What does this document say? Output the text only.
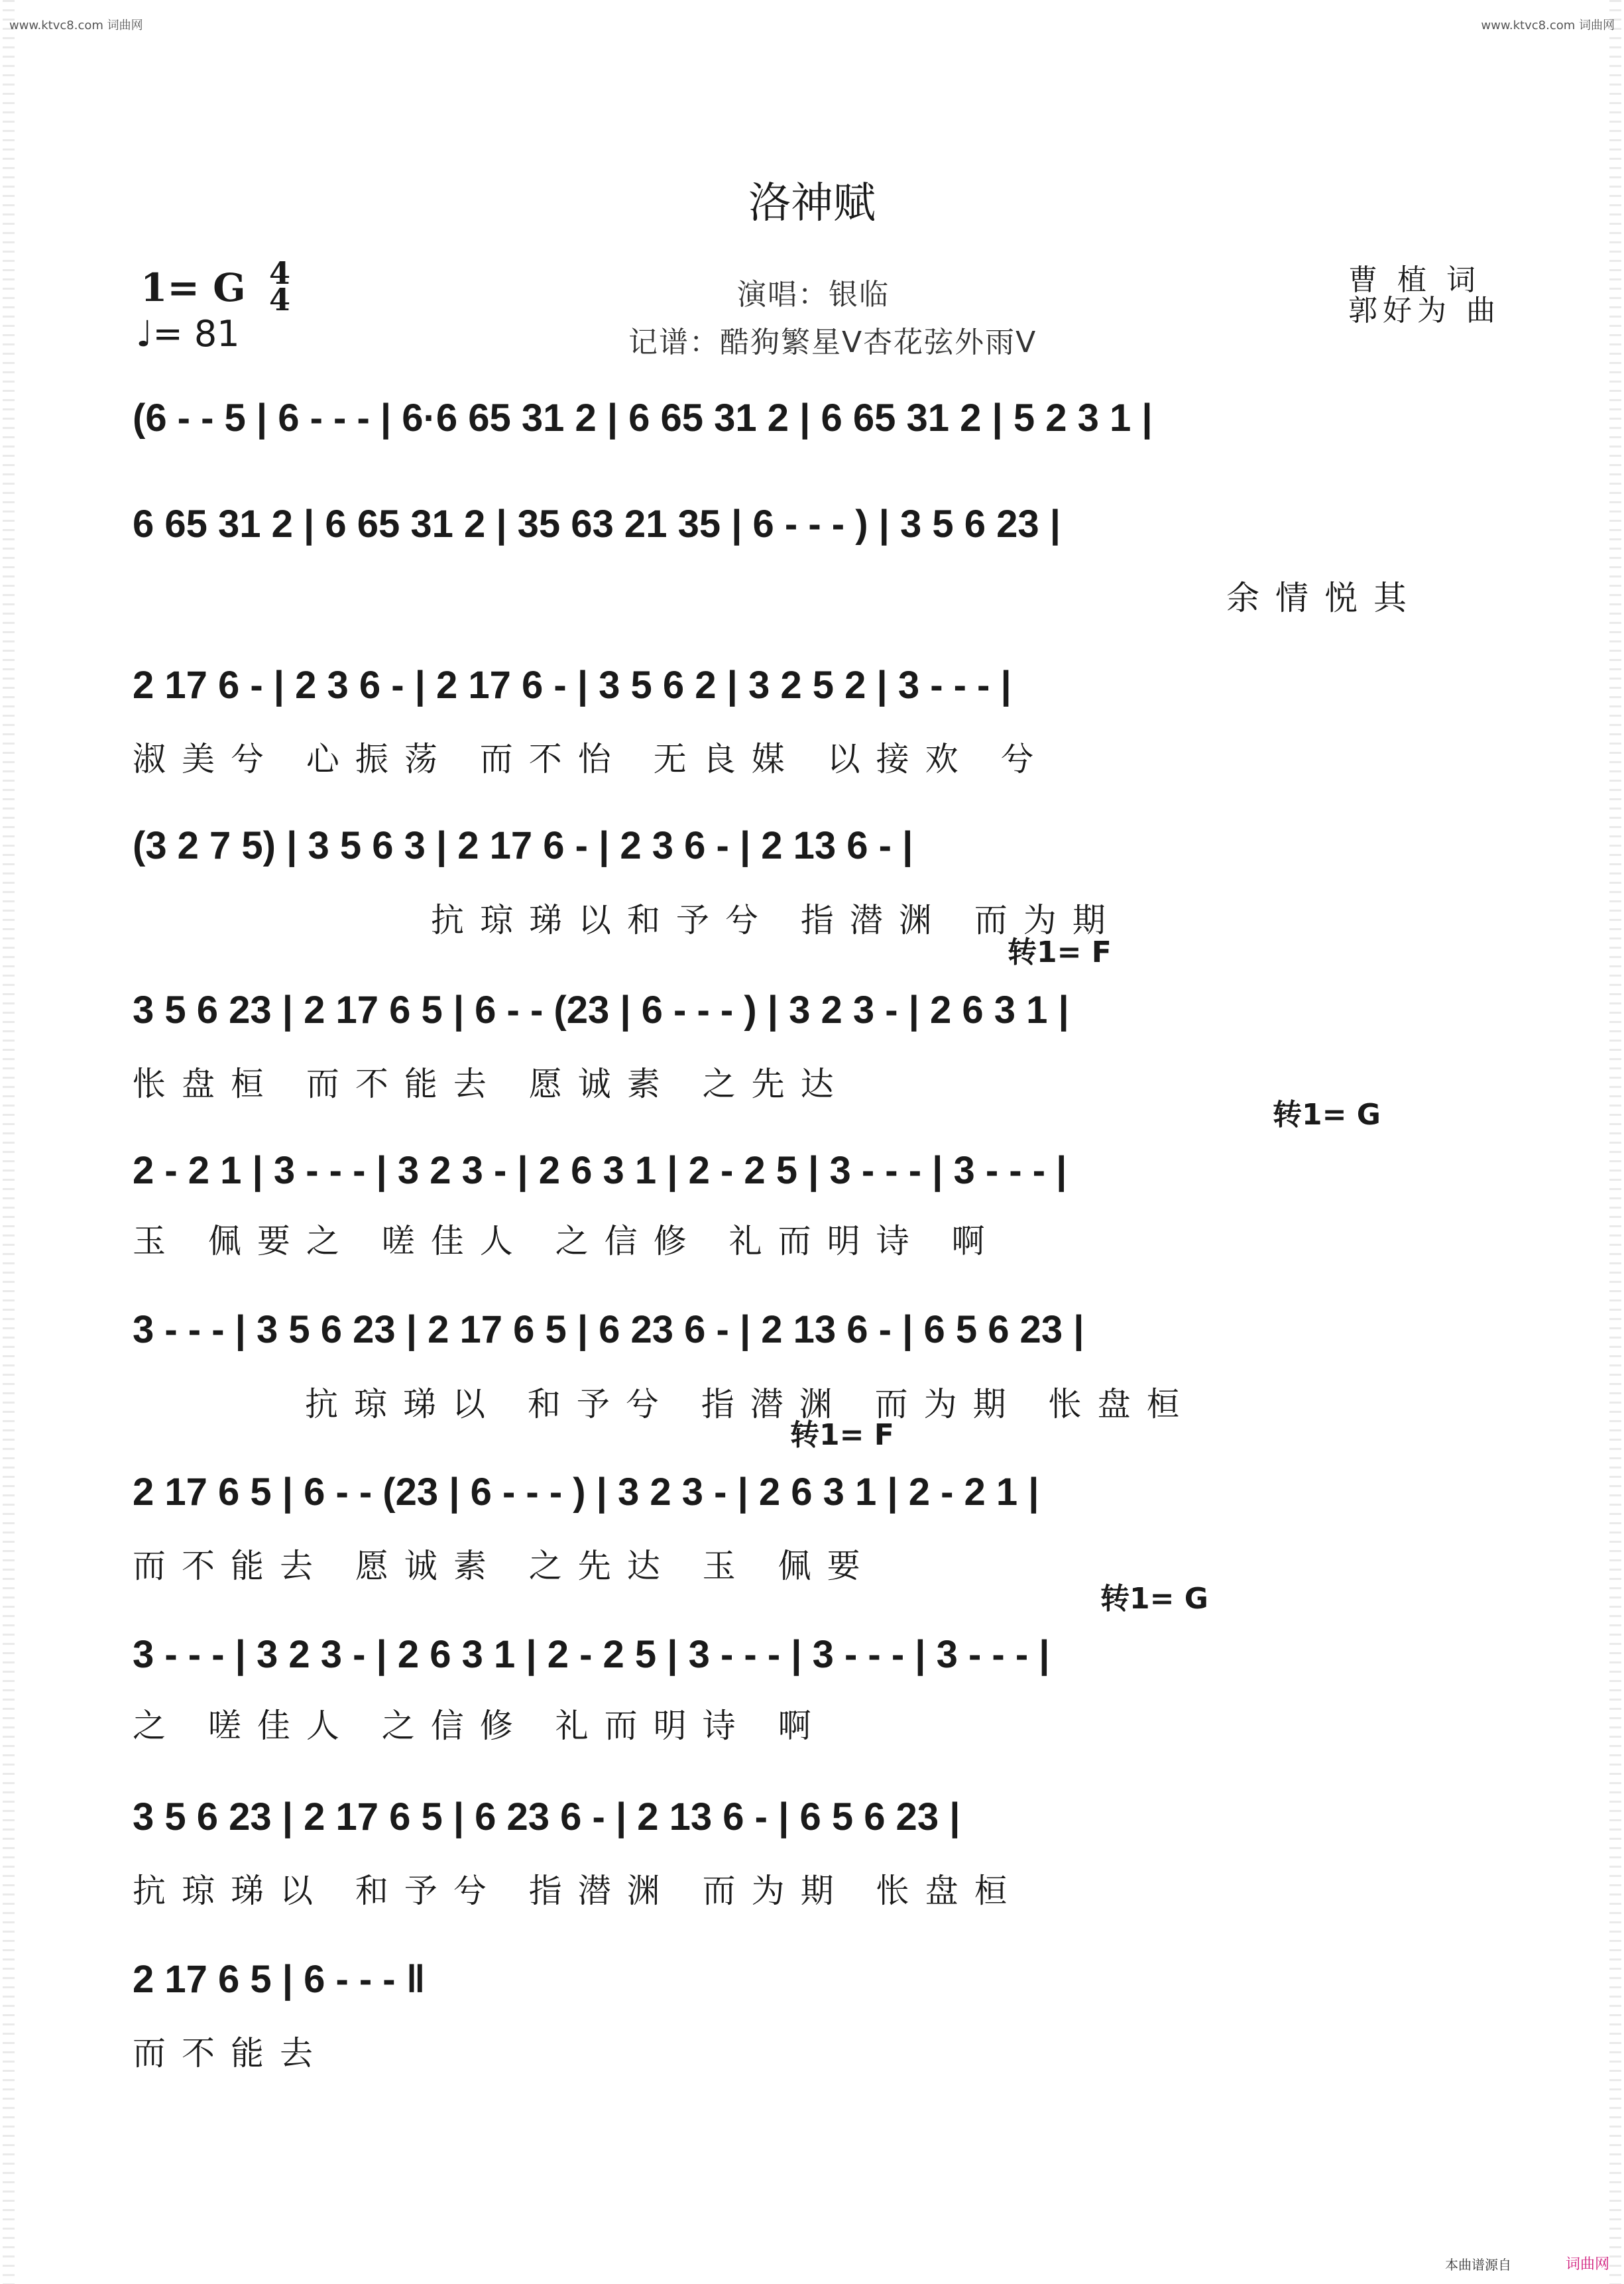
www.ktvc8.com 词曲网	www.ktvc8.com 词曲网
洛神赋
1= G 4
4
♩= 81
演唱：银临
记谱：酷狗繁星V杏花弦外雨V
曹 植 词
郭好为 曲
(6 - - 5 | 6 - - - | 6·6 65 31 2 | 6 65 31 2 | 6 65 31 2 | 5 2 3 1 |
6 65 31 2 | 6 65 31 2 | 35 63 21 35 | 6 - - - ) | 3 5 6 23 |
余情悦其
2 17 6 - | 2 3 6 - | 2 17 6 - | 3 5 6 2 | 3 2 5 2 | 3 - - - |
淑美兮 心振荡 而不怡 无良媒 以接欢 兮
(3 2 7 5) | 3 5 6 3 | 2 17 6 - | 2 3 6 - | 2 13 6 - |
抗琼珶以和予兮 指潜渊 而为期
转1= F
3 5 6 23 | 2 17 6 5 | 6 - - (23 | 6 - - - ) | 3 2 3 - | 2 6 3 1 |
怅盘桓 而不能去 愿诚素 之先达
转1= G
2 - 2 1 | 3 - - - | 3 2 3 - | 2 6 3 1 | 2 - 2 5 | 3 - - - | 3 - - - |
玉 佩要之 嗟佳人 之信修 礼而明诗 啊
3 - - - | 3 5 6 23 | 2 17 6 5 | 6 23 6 - | 2 13 6 - | 6 5 6 23 |
抗琼珶以 和予兮 指潜渊 而为期 怅盘桓
转1= F
2 17 6 5 | 6 - - (23 | 6 - - - ) | 3 2 3 - | 2 6 3 1 | 2 - 2 1 |
而不能去 愿诚素 之先达 玉 佩要
转1= G
3 - - - | 3 2 3 - | 2 6 3 1 | 2 - 2 5 | 3 - - - | 3 - - - | 3 - - - |
之 嗟佳人 之信修 礼而明诗 啊
3 5 6 23 | 2 17 6 5 | 6 23 6 - | 2 13 6 - | 6 5 6 23 |
抗琼珶以 和予兮 指潜渊 而为期 怅盘桓
2 17 6 5 | 6 - - - ‖
而不能去
本曲谱源自	词曲网
